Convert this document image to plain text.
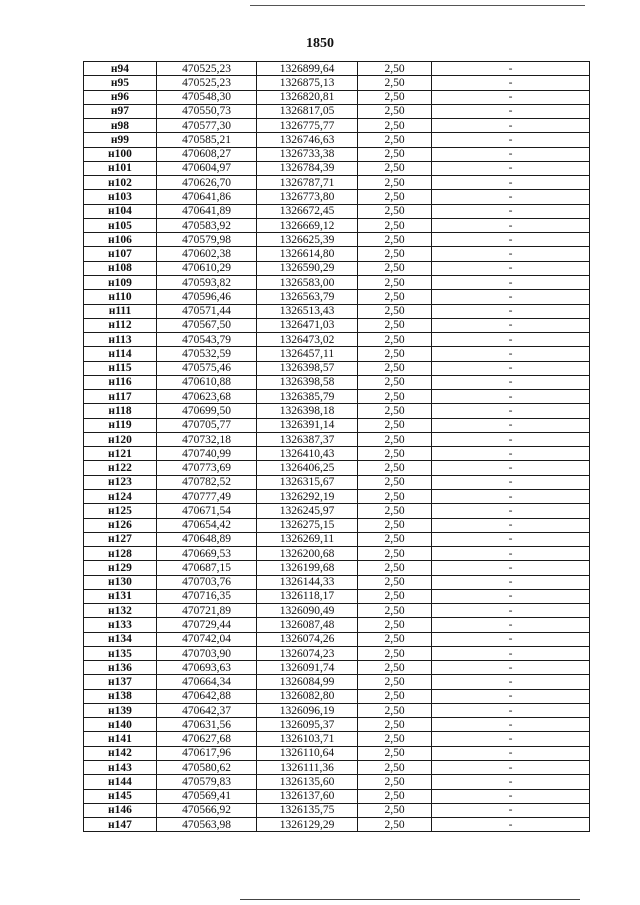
1850
н94	470525,23	1326899,64	2,50	-
н95	470525,23	1326875,13	2,50	-
н96	470548,30	1326820,81	2,50	-
н97	470550,73	1326817,05	2,50	-
н98	470577,30	1326775,77	2,50	-
н99	470585,21	1326746,63	2,50	-
н100	470608,27	1326733,38	2,50	-
н101	470604,97	1326784,39	2,50	-
н102	470626,70	1326787,71	2,50	-
н103	470641,86	1326773,80	2,50	-
н104	470641,89	1326672,45	2,50	-
н105	470583,92	1326669,12	2,50	-
н106	470579,98	1326625,39	2,50	-
н107	470602,38	1326614,80	2,50	-
н108	470610,29	1326590,29	2,50	-
н109	470593,82	1326583,00	2,50	-
н110	470596,46	1326563,79	2,50	-
н111	470571,44	1326513,43	2,50	-
н112	470567,50	1326471,03	2,50	-
н113	470543,79	1326473,02	2,50	-
н114	470532,59	1326457,11	2,50	-
н115	470575,46	1326398,57	2,50	-
н116	470610,88	1326398,58	2,50	-
н117	470623,68	1326385,79	2,50	-
н118	470699,50	1326398,18	2,50	-
н119	470705,77	1326391,14	2,50	-
н120	470732,18	1326387,37	2,50	-
н121	470740,99	1326410,43	2,50	-
н122	470773,69	1326406,25	2,50	-
н123	470782,52	1326315,67	2,50	-
н124	470777,49	1326292,19	2,50	-
н125	470671,54	1326245,97	2,50	-
н126	470654,42	1326275,15	2,50	-
н127	470648,89	1326269,11	2,50	-
н128	470669,53	1326200,68	2,50	-
н129	470687,15	1326199,68	2,50	-
н130	470703,76	1326144,33	2,50	-
н131	470716,35	1326118,17	2,50	-
н132	470721,89	1326090,49	2,50	-
н133	470729,44	1326087,48	2,50	-
н134	470742,04	1326074,26	2,50	-
н135	470703,90	1326074,23	2,50	-
н136	470693,63	1326091,74	2,50	-
н137	470664,34	1326084,99	2,50	-
н138	470642,88	1326082,80	2,50	-
н139	470642,37	1326096,19	2,50	-
н140	470631,56	1326095,37	2,50	-
н141	470627,68	1326103,71	2,50	-
н142	470617,96	1326110,64	2,50	-
н143	470580,62	1326111,36	2,50	-
н144	470579,83	1326135,60	2,50	-
н145	470569,41	1326137,60	2,50	-
н146	470566,92	1326135,75	2,50	-
н147	470563,98	1326129,29	2,50	-
